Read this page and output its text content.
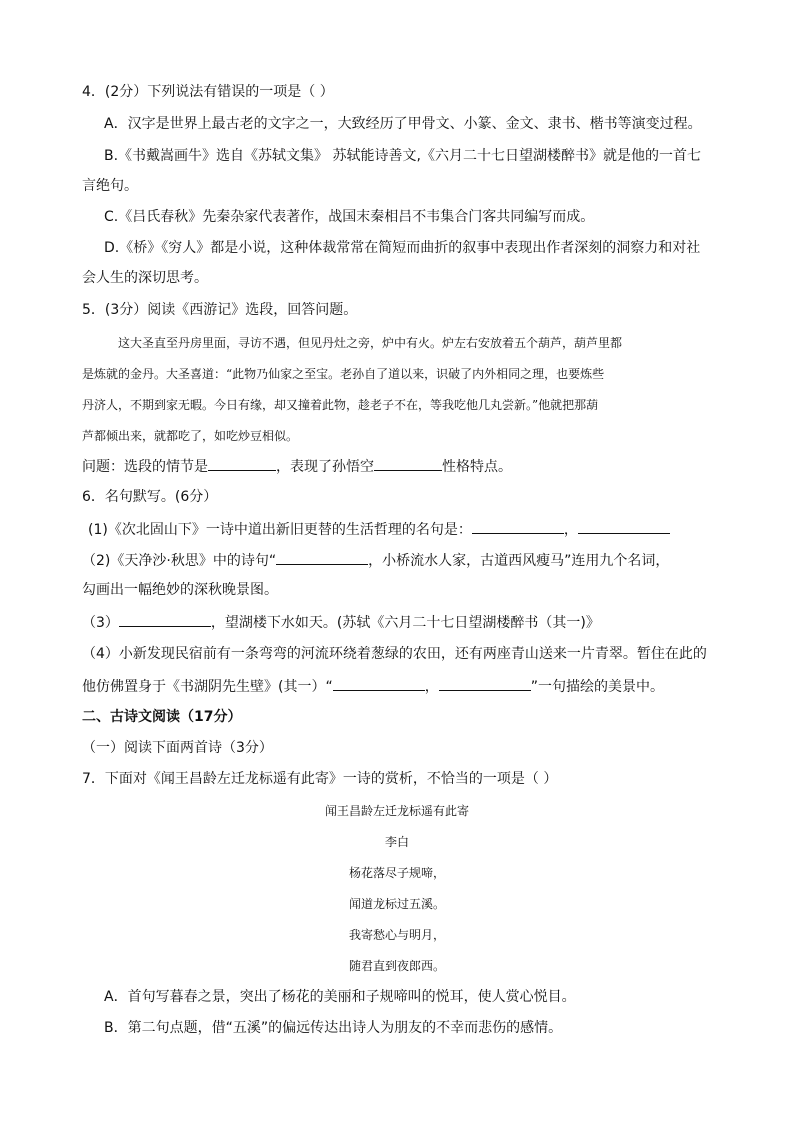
4．(2分）下列说法有错误的一项是（ ）
A．汉字是世界上最古老的文字之一，大致经历了甲骨文、小篆、金文、隶书、楷书等演变过程。
B.《书戴嵩画牛》选自《苏轼文集》 苏轼能诗善文,《六月二十七日望湖楼醉书》就是他的一首七
言绝句。
C.《吕氏春秋》先秦杂家代表著作，战国末秦相吕不韦集合门客共同编写而成。
D.《桥》《穷人》都是小说，这种体裁常常在简短而曲折的叙事中表现出作者深刻的洞察力和对社
会人生的深切思考。
5．(3分）阅读《西游记》选段，回答问题。
这大圣直至丹房里面，寻访不遇，但见丹灶之旁，炉中有火。炉左右安放着五个葫芦，葫芦里都
是炼就的金丹。大圣喜道：“此物乃仙家之至宝。老孙自了道以来，识破了内外相同之理，也要炼些
丹济人，不期到家无暇。今日有缘，却又撞着此物，趁老子不在，等我吃他几丸尝新。”他就把那葫
芦都倾出来，就都吃了，如吃炒豆相似。
问题：选段的情节是	，表现了孙悟空	性格特点。
6．名句默写。(6分）
(1)《次北固山下》一诗中道出新旧更替的生活哲理的名句是：	，
（2)《天净沙·秋思》中的诗句“	，小桥流水人家，古道西风瘦马”连用九个名词，
勾画出一幅绝妙的深秋晚景图。
（3）	，望湖楼下水如天。(苏轼《六月二十七日望湖楼醉书（其一)》
（4）小新发现民宿前有一条弯弯的河流环绕着葱绿的农田，还有两座青山送来一片青翠。暂住在此的
他仿佛置身于《书湖阴先生壁》(其一）“	，	”一句描绘的美景中。
二、古诗文阅读（17分）
（一）阅读下面两首诗（3分）
7．下面对《闻王昌龄左迁龙标遥有此寄》一诗的赏析，不恰当的一项是（ ）
闻王昌龄左迁龙标遥有此寄
李白
杨花落尽子规啼，
闻道龙标过五溪。
我寄愁心与明月，
随君直到夜郎西。
A．首句写暮春之景，突出了杨花的美丽和子规啼叫的悦耳，使人赏心悦目。
B．第二句点题，借“五溪”的偏远传达出诗人为朋友的不幸而悲伤的感情。
